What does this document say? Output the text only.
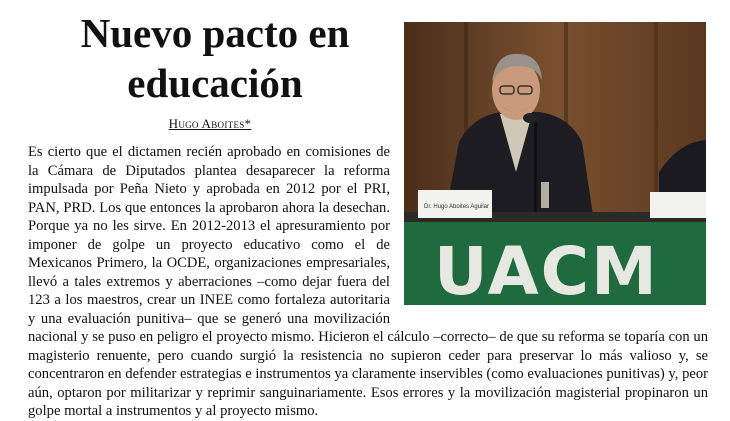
Nuevo pacto en
educación
Hugo Aboites*
Es cierto que el dictamen recién aprobado en comisiones de la Cámara de Diputados plantea desaparecer la reforma impulsada por Peña Nieto y aprobada en 2012 por el PRI, PAN, PRD. Los que entonces la aprobaron ahora la desechan. Porque ya no les sirve. En 2012-2013 el apresuramiento por imponer de golpe un proyecto educativo como el de Mexicanos Primero, la OCDE, organizaciones empresariales, llevó a tales extremos y aberraciones –como dejar fuera del 123 a los maestros, crear un INEE como fortaleza autoritaria y una evaluación punitiva– que se generó una movilización nacional y se puso en peligro el proyecto mismo. Hicieron el cálculo –correcto– de que su reforma se toparía con un magisterio renuente, pero cuando surgió la resistencia no supieron ceder para preservar lo más valioso y, se concentraron en defender estrategias e instrumentos ya claramente inservibles (como evaluaciones punitivas) y, peor aún, optaron por militarizar y reprimir sanguinariamente. Esos errores y la movilización magisterial propinaron un golpe mortal a instrumentos y al proyecto mismo.
Dr. Hugo Aboites Aguilar
UACM
